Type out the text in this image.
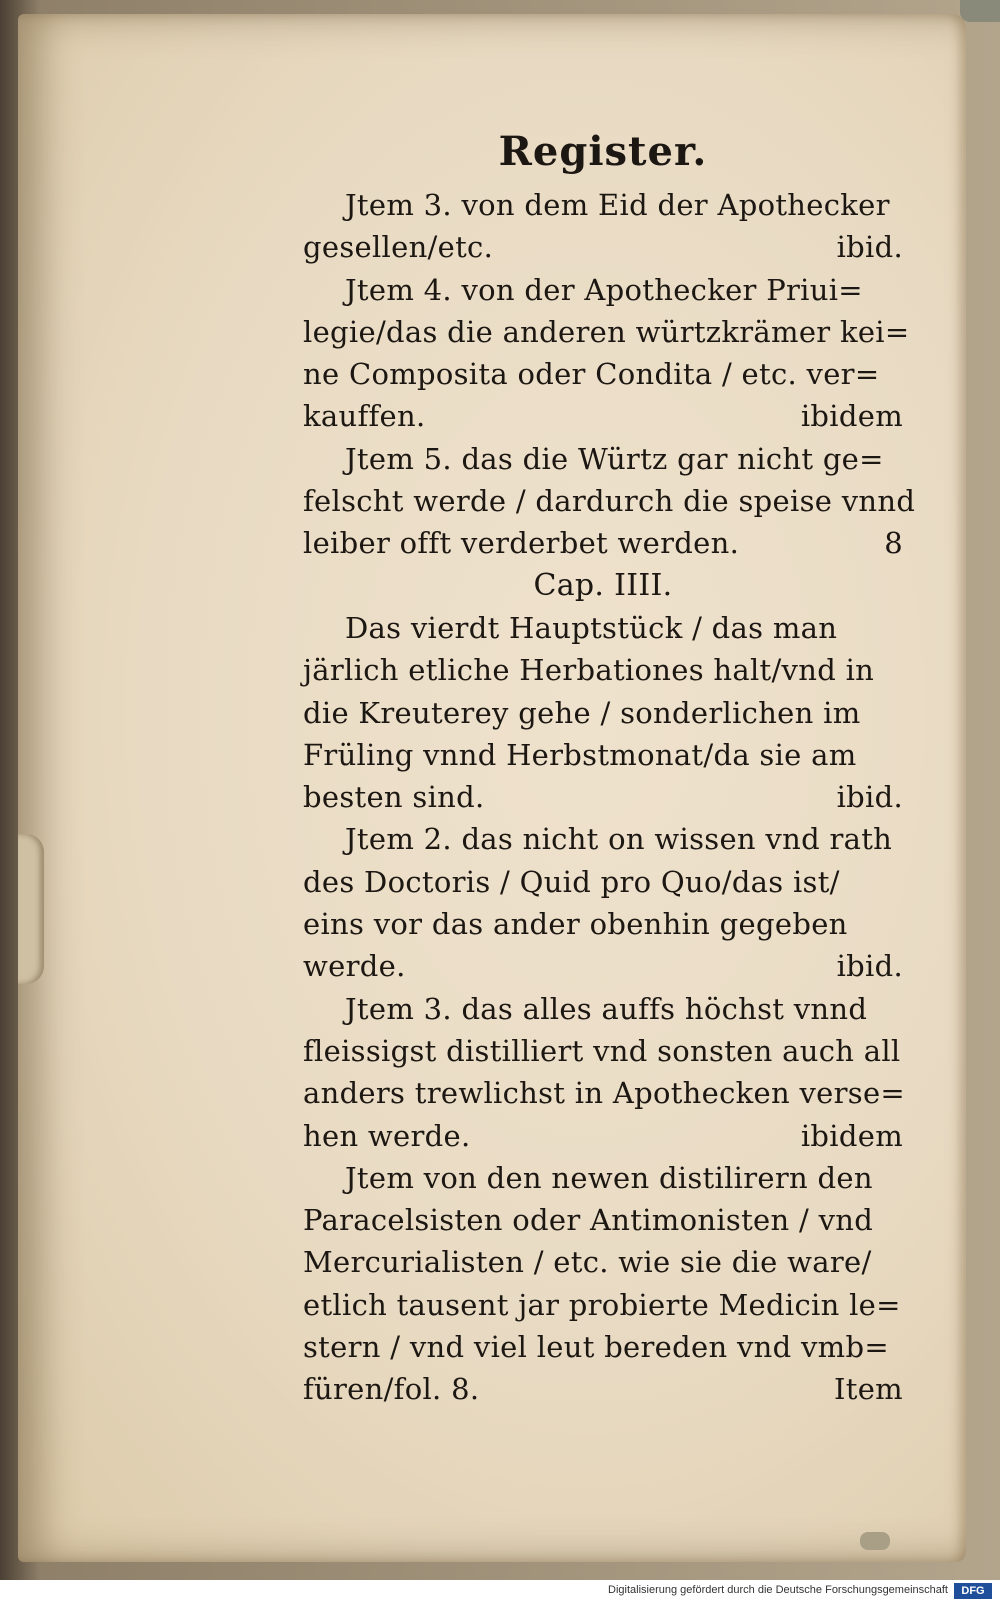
Register.
Jtem 3. von dem Eid der Apothecker
gesellen/etc.	ibid.
Jtem 4. von der Apothecker Priui=
legie/das die anderen würtzkrämer kei=
ne Composita oder Condita / etc. ver=
kauffen.	ibidem
Jtem 5. das die Würtz gar nicht ge=
felscht werde / dardurch die speise vnnd
leiber offt verderbet werden.	8
Cap. IIII.
Das vierdt Hauptstück / das man
järlich etliche Herbationes halt/vnd in
die Kreuterey gehe / sonderlichen im
Früling vnnd Herbstmonat/da sie am
besten sind.	ibid.
Jtem 2. das nicht on wissen vnd rath
des Doctoris / Quid pro Quo/das ist/
eins vor das ander obenhin gegeben
werde.	ibid.
Jtem 3. das alles auffs höchst vnnd
fleissigst distilliert vnd sonsten auch all
anders trewlichst in Apothecken verse=
hen werde.	ibidem
Jtem von den newen distilirern den
Paracelsisten oder Antimonisten / vnd
Mercurialisten / etc. wie sie die ware/
etlich tausent jar probierte Medicin le=
stern / vnd viel leut bereden vnd vmb=
füren/fol. 8.	Item
Digitalisierung gefördert durch die Deutsche Forschungsgemeinschaft	DFG
